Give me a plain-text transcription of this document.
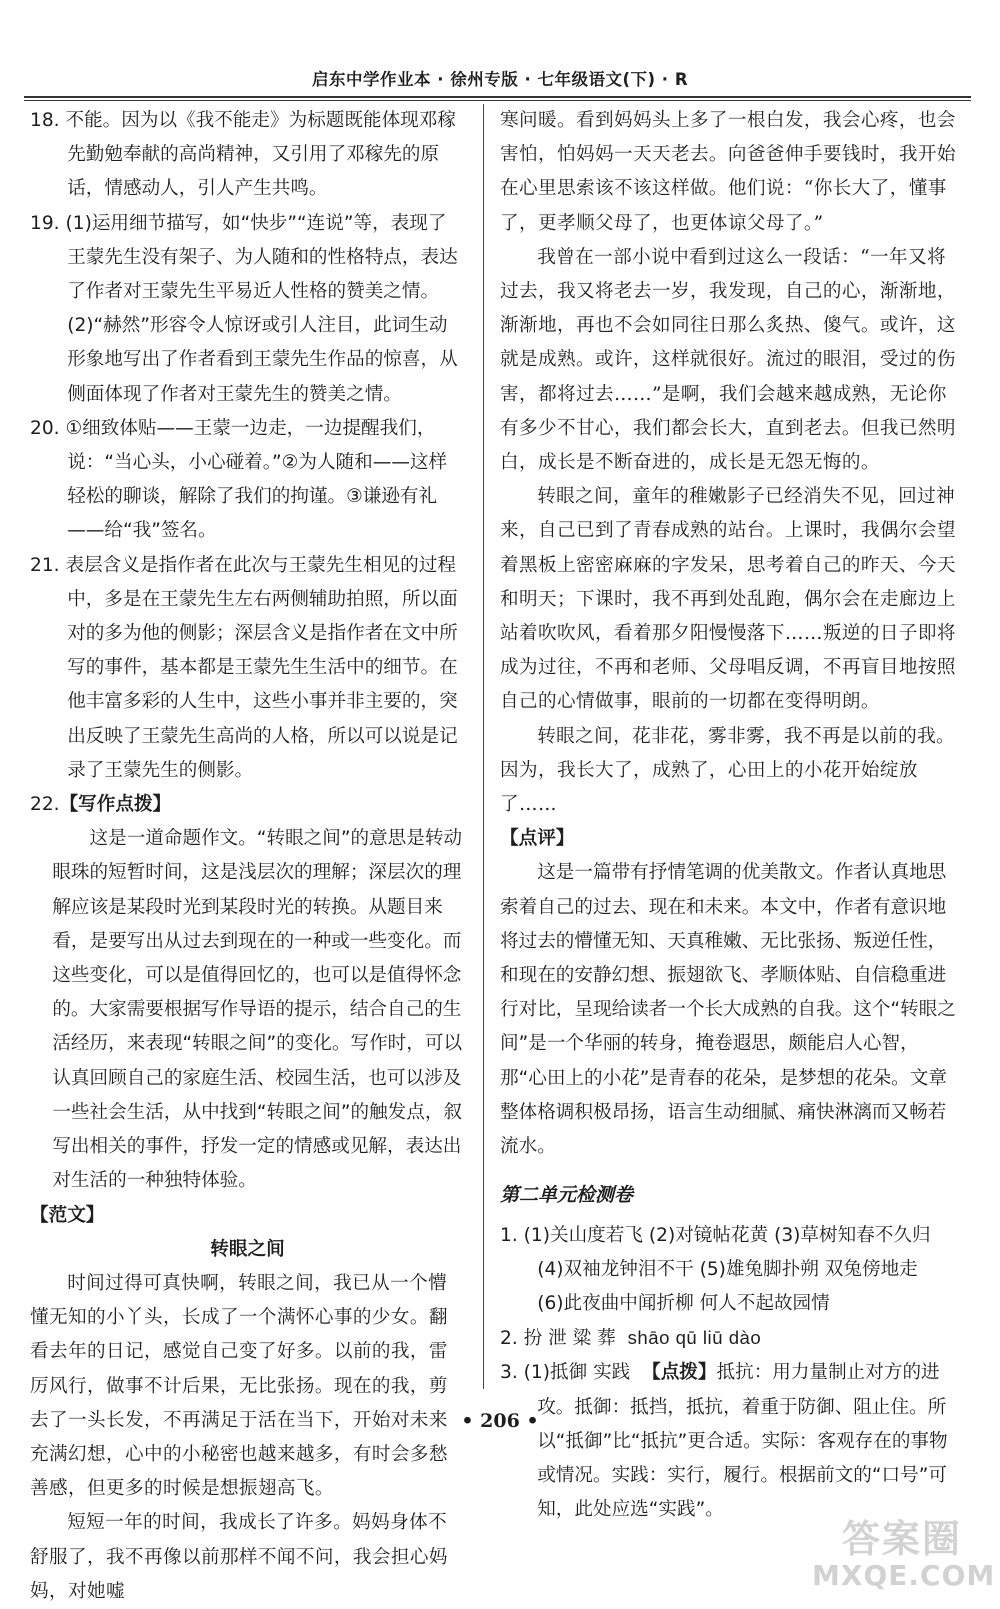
启东中学作业本 · 徐州专版 · 七年级语文(下) · R

18. 不能。因为以《我不能走》为标题既能体现邓稼先勤勉奉献的高尚精神，又引用了邓稼先的原话，情感动人，引人产生共鸣。

19. (1)运用细节描写，如“快步”“连说”等，表现了王蒙先生没有架子、为人随和的性格特点，表达了作者对王蒙先生平易近人性格的赞美之情。

(2)“赫然”形容令人惊讶或引人注目，此词生动形象地写出了作者看到王蒙先生作品的惊喜，从侧面体现了作者对王蒙先生的赞美之情。

20. ①细致体贴——王蒙一边走，一边提醒我们，说：“当心头，小心碰着。”②为人随和——这样轻松的聊谈，解除了我们的拘谨。③谦逊有礼——给“我”签名。

21. 表层含义是指作者在此次与王蒙先生相见的过程中，多是在王蒙先生左右两侧辅助拍照，所以面对的多为他的侧影；深层含义是指作者在文中所写的事件，基本都是王蒙先生生活中的细节。在他丰富多彩的人生中，这些小事并非主要的，突出反映了王蒙先生高尚的人格，所以可以说是记录了王蒙先生的侧影。

22.【写作点拨】

这是一道命题作文。“转眼之间”的意思是转动眼珠的短暂时间，这是浅层次的理解；深层次的理解应该是某段时光到某段时光的转换。从题目来看，是要写出从过去到现在的一种或一些变化。而这些变化，可以是值得回忆的，也可以是值得怀念的。大家需要根据写作导语的提示，结合自己的生活经历，来表现“转眼之间”的变化。写作时，可以认真回顾自己的家庭生活、校园生活，也可以涉及一些社会生活，从中找到“转眼之间”的触发点，叙写出相关的事件，抒发一定的情感或见解，表达出对生活的一种独特体验。

【范文】

转眼之间

时间过得可真快啊，转眼之间，我已从一个懵懂无知的小丫头，长成了一个满怀心事的少女。翻看去年的日记，感觉自己变了好多。以前的我，雷厉风行，做事不计后果，无比张扬。现在的我，剪去了一头长发，不再满足于活在当下，开始对未来充满幻想，心中的小秘密也越来越多，有时会多愁善感，但更多的时候是想振翅高飞。

短短一年的时间，我成长了许多。妈妈身体不舒服了，我不再像以前那样不闻不问，我会担心妈妈，对她嘘

寒问暖。看到妈妈头上多了一根白发，我会心疼，也会害怕，怕妈妈一天天老去。向爸爸伸手要钱时，我开始在心里思索该不该这样做。他们说：“你长大了，懂事了，更孝顺父母了，也更体谅父母了。”

我曾在一部小说中看到过这么一段话：“一年又将过去，我又将老去一岁，我发现，自己的心，渐渐地，渐渐地，再也不会如同往日那么炙热、傻气。或许，这就是成熟。或许，这样就很好。流过的眼泪，受过的伤害，都将过去……”是啊，我们会越来越成熟，无论你有多少不甘心，我们都会长大，直到老去。但我已然明白，成长是不断奋进的，成长是无怨无悔的。

转眼之间，童年的稚嫩影子已经消失不见，回过神来，自己已到了青春成熟的站台。上课时，我偶尔会望着黑板上密密麻麻的字发呆，思考着自己的昨天、今天和明天；下课时，我不再到处乱跑，偶尔会在走廊边上站着吹吹风，看着那夕阳慢慢落下……叛逆的日子即将成为过往，不再和老师、父母唱反调，不再盲目地按照自己的心情做事，眼前的一切都在变得明朗。

转眼之间，花非花，雾非雾，我不再是以前的我。因为，我长大了，成熟了，心田上的小花开始绽放了……

【点评】

这是一篇带有抒情笔调的优美散文。作者认真地思索着自己的过去、现在和未来。本文中，作者有意识地将过去的懵懂无知、天真稚嫩、无比张扬、叛逆任性，和现在的安静幻想、振翅欲飞、孝顺体贴、自信稳重进行对比，呈现给读者一个长大成熟的自我。这个“转眼之间”是一个华丽的转身，掩卷遐思，颇能启人心智，那“心田上的小花”是青春的花朵，是梦想的花朵。文章整体格调积极昂扬，语言生动细腻、痛快淋漓而又畅若流水。

第二单元检测卷

1. (1)关山度若飞 (2)对镜帖花黄 (3)草树知春不久归

(4)双袖龙钟泪不干 (5)雄兔脚扑朔 双兔傍地走

(6)此夜曲中闻折柳 何人不起故园情

2. 扮 泄 粱 葬 shāo qū liū dào

3. (1)抵御 实践 【点拨】抵抗：用力量制止对方的进攻。抵御：抵挡，抵抗，着重于防御、阻止住。所以“抵御”比“抵抗”更合适。实际：客观存在的事物或情况。实践：实行，履行。根据前文的“口号”可知，此处应选“实践”。

• 206 •
答案圈
MXQE.COM
